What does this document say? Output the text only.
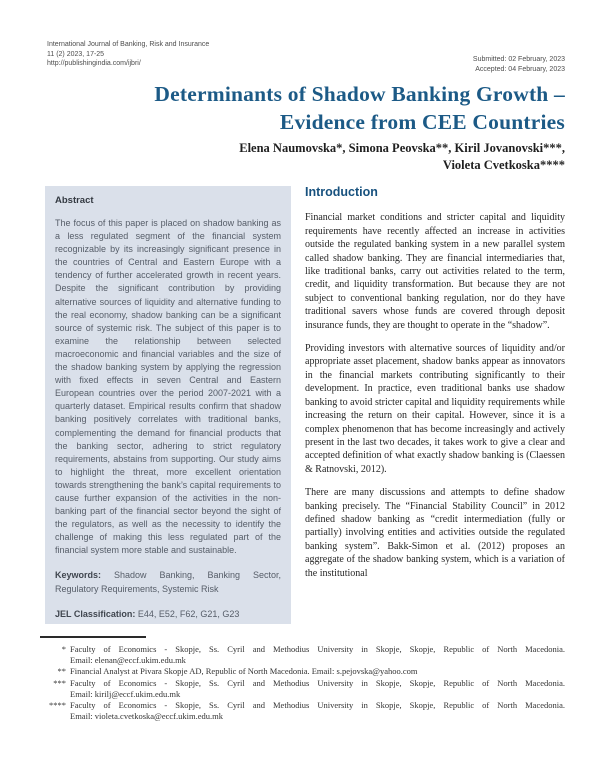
International Journal of Banking, Risk and Insurance
11 (2) 2023, 17-25
http://publishingindia.com/ijbri/
Submitted: 02 February, 2023
Accepted: 04 February, 2023
Determinants of Shadow Banking Growth –
Evidence from CEE Countries
Elena Naumovska*, Simona Peovska**, Kiril Jovanovski***,
Violeta Cvetkoska****
Abstract

The focus of this paper is placed on shadow banking as a less regulated segment of the financial system recognizable by its increasingly significant presence in the countries of Central and Eastern Europe with a tendency of further accelerated growth in recent years. Despite the significant contribution by providing alternative sources of liquidity and alternative funding to the real economy, shadow banking can be a significant source of systemic risk. The subject of this paper is to examine the relationship between selected macroeconomic and financial variables and the size of the shadow banking system by applying the regression with fixed effects in seven Central and Eastern European countries over the period 2007-2021 with a quarterly dataset. Empirical results confirm that shadow banking positively correlates with traditional banks, complementing the demand for financial products that the banking sector, adhering to strict regulatory requirements, abstains from supporting. Our study aims to highlight the threat, more excellent orientation towards strengthening the bank’s capital requirements to cause further expansion of the activities in the non-banking part of the financial sector beyond the sight of the regulators, as well as the necessity to identify the challenge of making this less regulated part of the financial system more stable and sustainable.

Keywords: Shadow Banking, Banking Sector, Regulatory Requirements, Systemic Risk

JEL Classification: E44, E52, F62, G21, G23

Introduction

Financial market conditions and stricter capital and liquidity requirements have recently affected an increase in activities outside the regulated banking system in a new parallel system called shadow banking. They are financial intermediaries that, like traditional banks, carry out activities related to the term, credit, and liquidity transformation. But because they are not subject to conventional banking regulation, nor do they have traditional savers whose funds are covered through deposit insurance funds, they are thought to operate in the “shadow”.

Providing investors with alternative sources of liquidity and/or appropriate asset placement, shadow banks appear as innovators in the financial markets contributing significantly to their development. In practice, even traditional banks use shadow banking to avoid stricter capital and liquidity requirements while increasing the return on their capital. However, since it is a complex phenomenon that has become increasingly and actively present in the last two decades, it takes work to give a clear and accepted definition of what exactly shadow banking is (Claessen & Ratnovski, 2012).

There are many discussions and attempts to define shadow banking precisely. The “Financial Stability Council” in 2012 defined shadow banking as “credit intermediation (fully or partially) involving entities and activities outside the regulated banking system”. Bakk-Simon et al. (2012) proposes an aggregate of the shadow banking system, which is a variation of the institutional

* Faculty of Economics - Skopje, Ss. Cyril and Methodius University in Skopje, Skopje, Republic of North Macedonia.
Email: elenan@eccf.ukim.edu.mk
** Financial Analyst at Pivara Skopje AD, Republic of North Macedonia. Email: s.pejovska@yahoo.com
*** Faculty of Economics - Skopje, Ss. Cyril and Methodius University in Skopje, Skopje, Republic of North Macedonia.
Email: kirilj@eccf.ukim.edu.mk
**** Faculty of Economics - Skopje, Ss. Cyril and Methodius University in Skopje, Skopje, Republic of North Macedonia.
Email: violeta.cvetkoska@eccf.ukim.edu.mk
